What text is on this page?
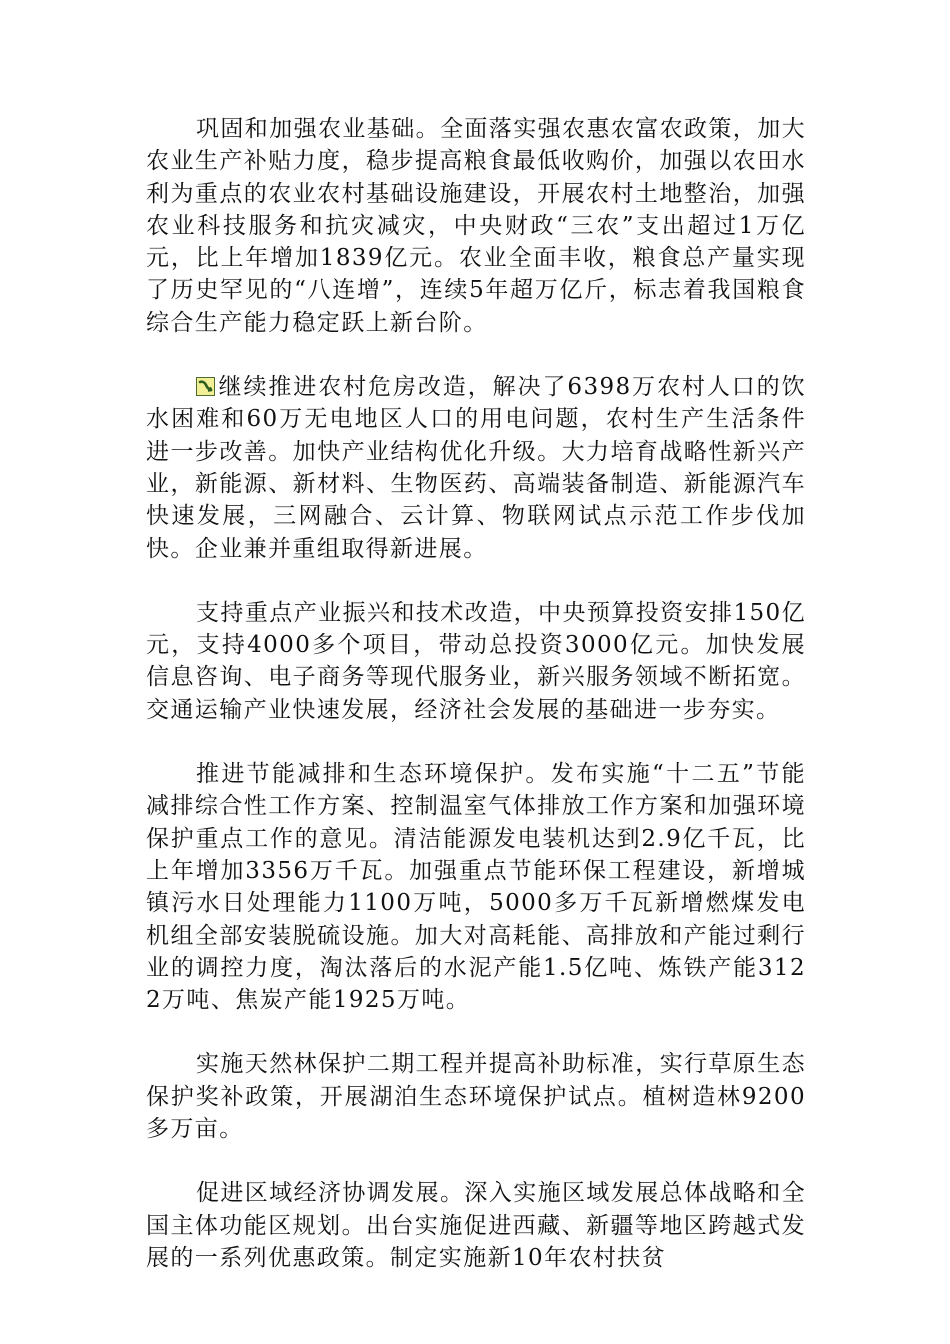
巩固和加强农业基础。全面落实强农惠农富农政策，加大农业生产补贴力度，稳步提高粮食最低收购价，加强以农田水利为重点的农业农村基础设施建设，开展农村土地整治，加强农业科技服务和抗灾减灾，中央财政“三农”支出超过1万亿元，比上年增加1839亿元。农业全面丰收，粮食总产量实现了历史罕见的“八连增”，连续5年超万亿斤，标志着我国粮食综合生产能力稳定跃上新台阶。

继续推进农村危房改造，解决了6398万农村人口的饮水困难和60万无电地区人口的用电问题，农村生产生活条件进一步改善。加快产业结构优化升级。大力培育战略性新兴产业，新能源、新材料、生物医药、高端装备制造、新能源汽车快速发展，三网融合、云计算、物联网试点示范工作步伐加快。企业兼并重组取得新进展。

支持重点产业振兴和技术改造，中央预算投资安排150亿元，支持4000多个项目，带动总投资3000亿元。加快发展信息咨询、电子商务等现代服务业，新兴服务领域不断拓宽。交通运输产业快速发展，经济社会发展的基础进一步夯实。

推进节能减排和生态环境保护。发布实施“十二五”节能减排综合性工作方案、控制温室气体排放工作方案和加强环境保护重点工作的意见。清洁能源发电装机达到2.9亿千瓦，比上年增加3356万千瓦。加强重点节能环保工程建设，新增城镇污水日处理能力1100万吨，5000多万千瓦新增燃煤发电机组全部安装脱硫设施。加大对高耗能、高排放和产能过剩行业的调控力度，淘汰落后的水泥产能1.5亿吨、炼铁产能3122万吨、焦炭产能1925万吨。

实施天然林保护二期工程并提高补助标准，实行草原生态保护奖补政策，开展湖泊生态环境保护试点。植树造林9200多万亩。

促进区域经济协调发展。深入实施区域发展总体战略和全国主体功能区规划。出台实施促进西藏、新疆等地区跨越式发展的一系列优惠政策。制定实施新10年农村扶贫
